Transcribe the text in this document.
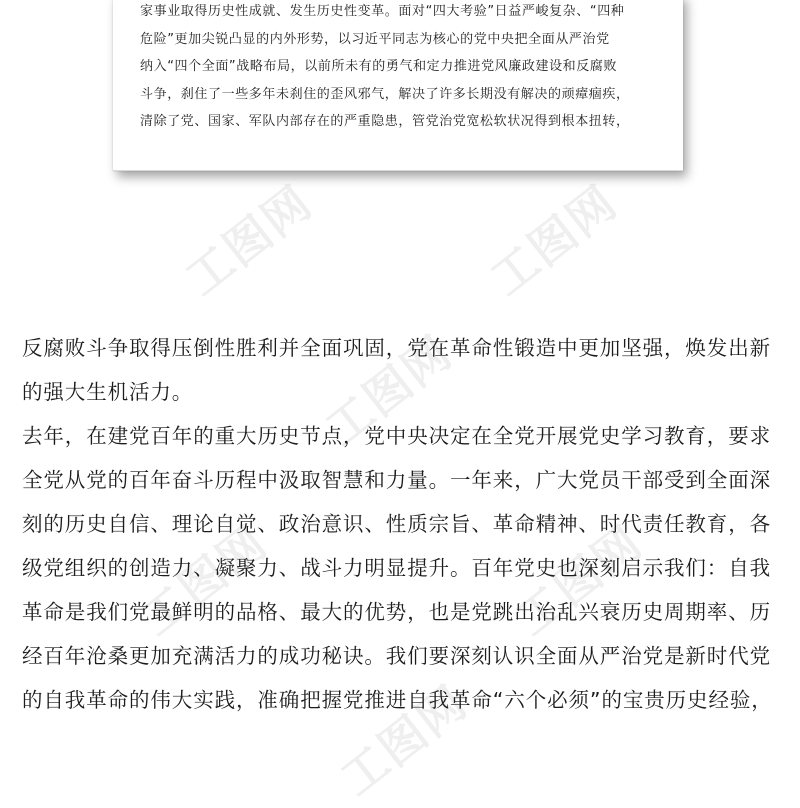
工图网	工图网
工图网
工图网	工图网
工图网

家事业取得历史性成就、发生历史性变革。面对“四大考验”日益严峻复杂、“四种
危险”更加尖锐凸显的内外形势，以习近平同志为核心的党中央把全面从严治党
纳入“四个全面”战略布局，以前所未有的勇气和定力推进党风廉政建设和反腐败
斗争，刹住了一些多年未刹住的歪风邪气，解决了许多长期没有解决的顽瘴痼疾，
清除了党、国家、军队内部存在的严重隐患，管党治党宽松软状况得到根本扭转，

反腐败斗争取得压倒性胜利并全面巩固，党在革命性锻造中更加坚强，焕发出新
的强大生机活力。
去年，在建党百年的重大历史节点，党中央决定在全党开展党史学习教育，要求
全党从党的百年奋斗历程中汲取智慧和力量。一年来，广大党员干部受到全面深
刻的历史自信、理论自觉、政治意识、性质宗旨、革命精神、时代责任教育，各
级党组织的创造力、凝聚力、战斗力明显提升。百年党史也深刻启示我们：自我
革命是我们党最鲜明的品格、最大的优势，也是党跳出治乱兴衰历史周期率、历
经百年沧桑更加充满活力的成功秘诀。我们要深刻认识全面从严治党是新时代党
的自我革命的伟大实践，准确把握党推进自我革命“六个必须”的宝贵历史经验，
